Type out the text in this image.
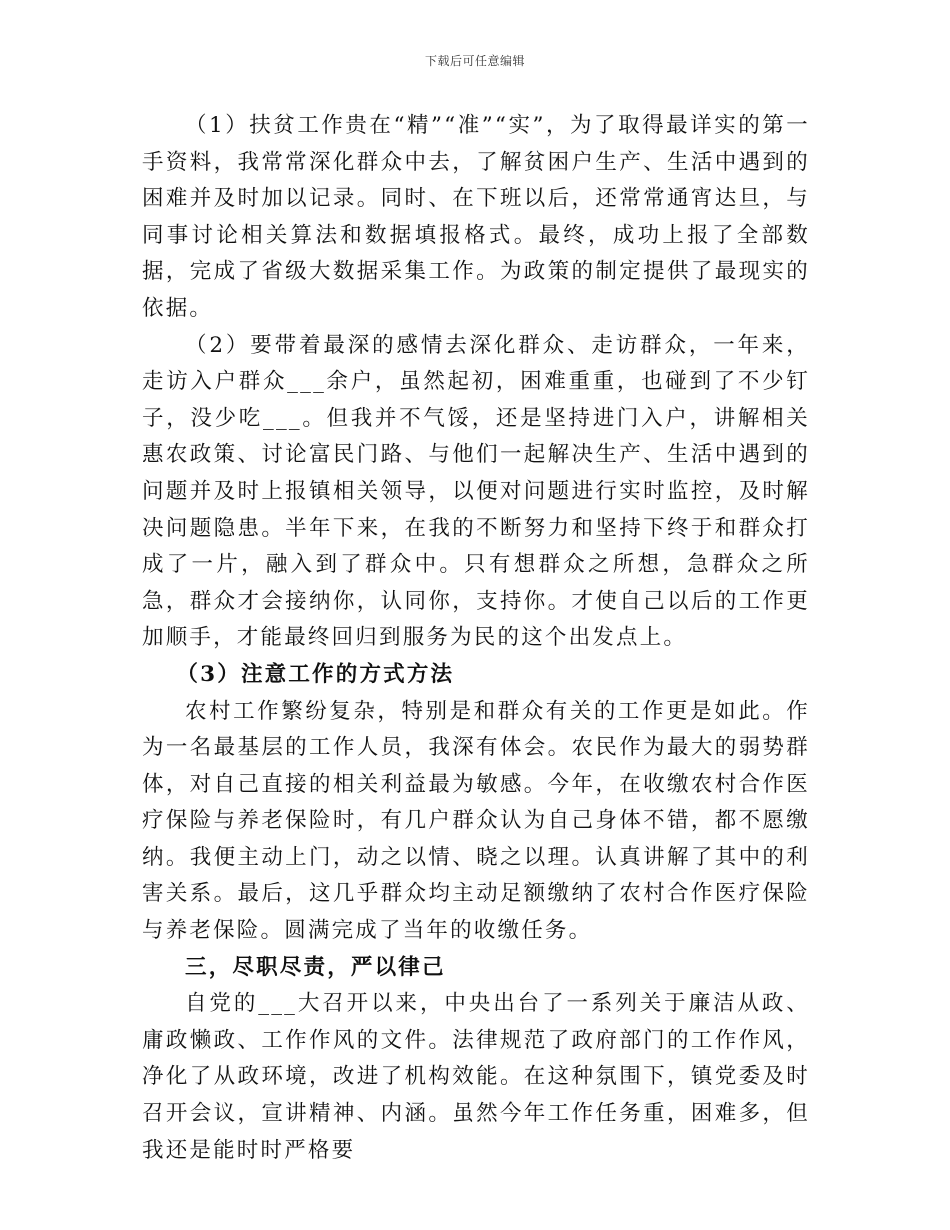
下载后可任意编辑

（1）扶贫工作贵在“精”“准”“实”，为了取得最详实的第一手资料，我常常深化群众中去，了解贫困户生产、生活中遇到的困难并及时加以记录。同时、在下班以后，还常常通宵达旦，与同事讨论相关算法和数据填报格式。最终，成功上报了全部数据，完成了省级大数据采集工作。为政策的制定提供了最现实的依据。

（2）要带着最深的感情去深化群众、走访群众，一年来，走访入户群众___余户，虽然起初，困难重重，也碰到了不少钉子，没少吃___。但我并不气馁，还是坚持进门入户，讲解相关惠农政策、讨论富民门路、与他们一起解决生产、生活中遇到的问题并及时上报镇相关领导，以便对问题进行实时监控，及时解决问题隐患。半年下来，在我的不断努力和坚持下终于和群众打成了一片，融入到了群众中。只有想群众之所想，急群众之所急，群众才会接纳你，认同你，支持你。才使自己以后的工作更加顺手，才能最终回归到服务为民的这个出发点上。

（3）注意工作的方式方法

农村工作繁纷复杂，特别是和群众有关的工作更是如此。作为一名最基层的工作人员，我深有体会。农民作为最大的弱势群体，对自己直接的相关利益最为敏感。今年，在收缴农村合作医疗保险与养老保险时，有几户群众认为自己身体不错，都不愿缴纳。我便主动上门，动之以情、晓之以理。认真讲解了其中的利害关系。最后，这几乎群众均主动足额缴纳了农村合作医疗保险与养老保险。圆满完成了当年的收缴任务。

三，尽职尽责，严以律己

自党的___大召开以来，中央出台了一系列关于廉洁从政、庸政懒政、工作作风的文件。法律规范了政府部门的工作作风，净化了从政环境，改进了机构效能。在这种氛围下，镇党委及时召开会议，宣讲精神、内涵。虽然今年工作任务重，困难多，但我还是能时时严格要
